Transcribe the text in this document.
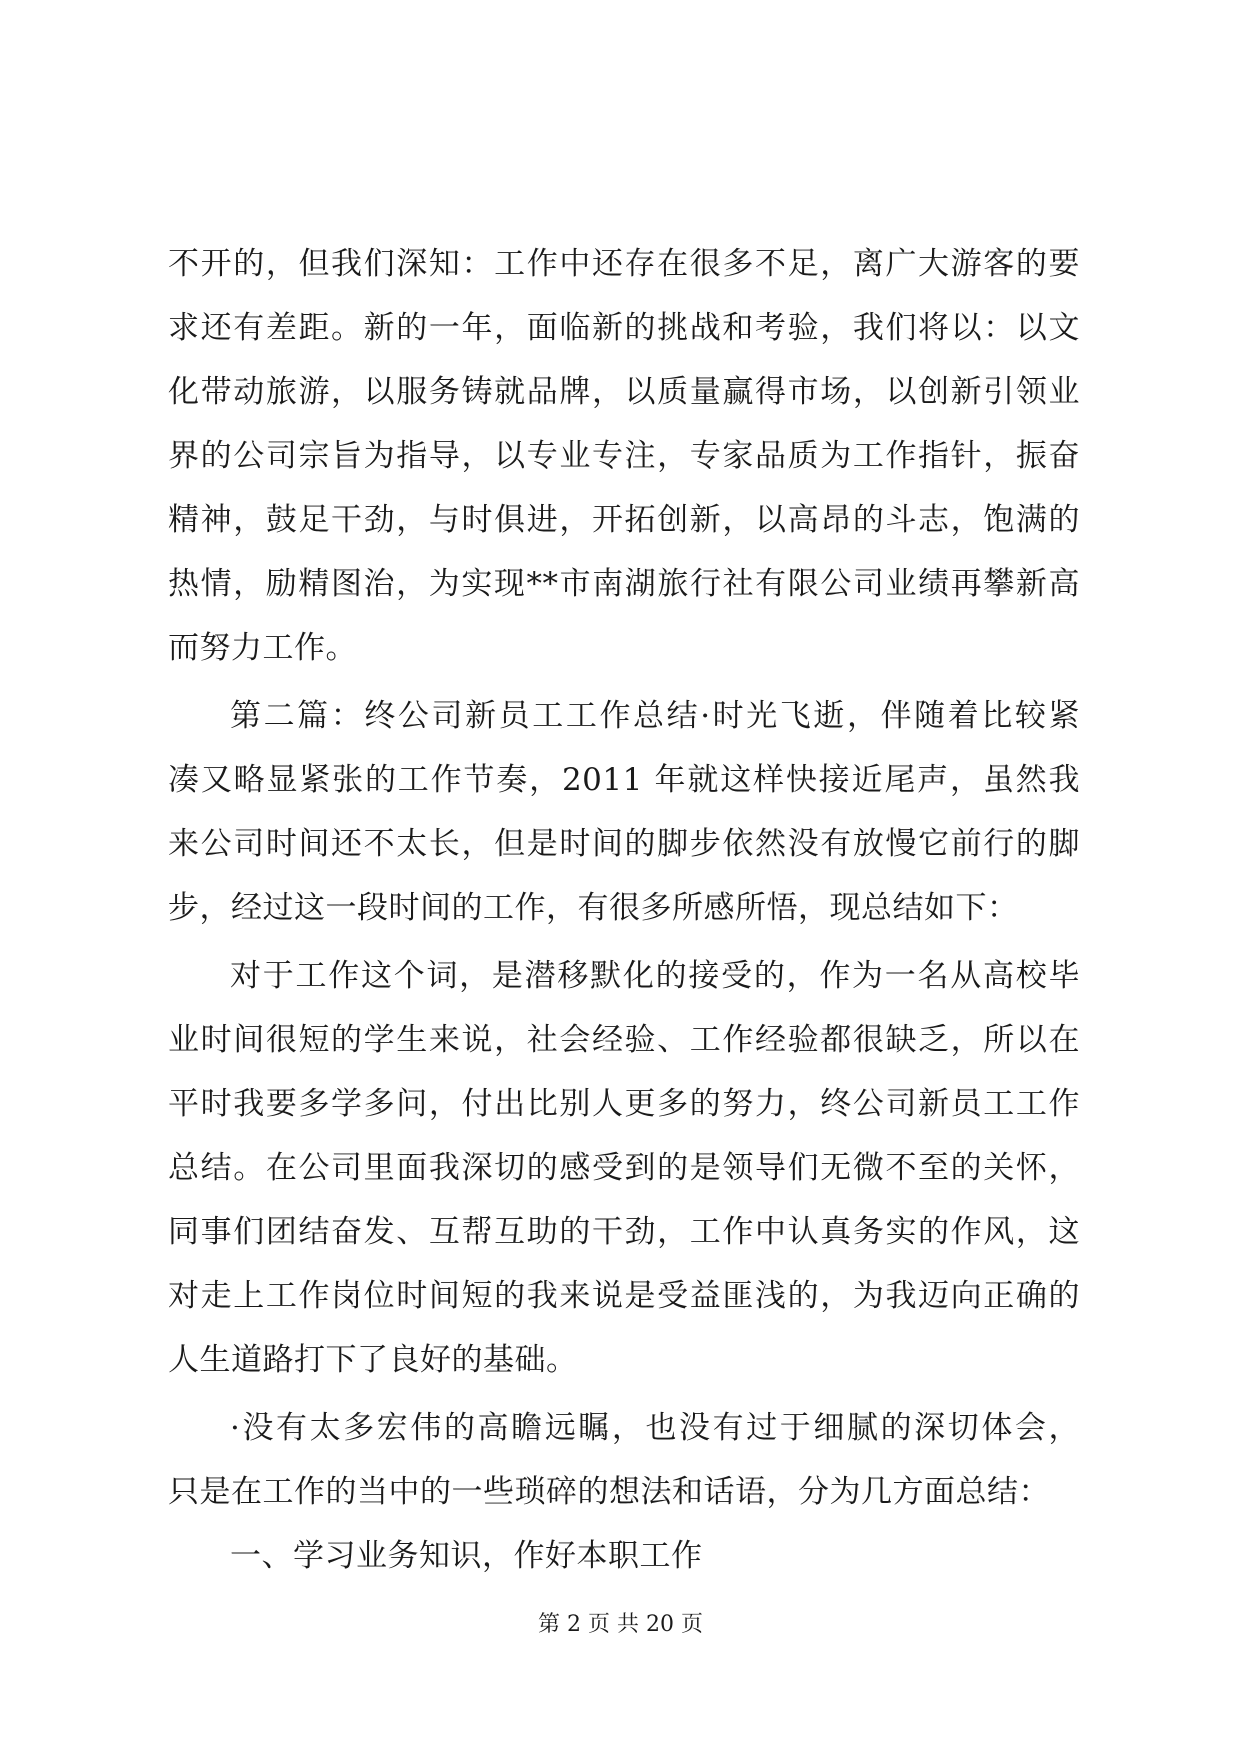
不开的，但我们深知：工作中还存在很多不足，离广大游客的要
求还有差距。新的一年，面临新的挑战和考验，我们将以：以文
化带动旅游，以服务铸就品牌，以质量赢得市场，以创新引领业
界的公司宗旨为指导，以专业专注，专家品质为工作指针，振奋
精神，鼓足干劲，与时俱进，开拓创新，以高昂的斗志，饱满的
热情，励精图治，为实现**市南湖旅行社有限公司业绩再攀新高
而努力工作。
第二篇：终公司新员工工作总结·时光飞逝，伴随着比较紧
凑又略显紧张的工作节奏，2011 年就这样快接近尾声，虽然我
来公司时间还不太长，但是时间的脚步依然没有放慢它前行的脚
步，经过这一段时间的工作，有很多所感所悟，现总结如下：
对于工作这个词，是潜移默化的接受的，作为一名从高校毕
业时间很短的学生来说，社会经验、工作经验都很缺乏，所以在
平时我要多学多问，付出比别人更多的努力，终公司新员工工作
总结。在公司里面我深切的感受到的是领导们无微不至的关怀，
同事们团结奋发、互帮互助的干劲，工作中认真务实的作风，这
对走上工作岗位时间短的我来说是受益匪浅的，为我迈向正确的
人生道路打下了良好的基础。
·没有太多宏伟的高瞻远瞩，也没有过于细腻的深切体会，
只是在工作的当中的一些琐碎的想法和话语，分为几方面总结：
一、学习业务知识，作好本职工作
第 2 页 共 20 页
